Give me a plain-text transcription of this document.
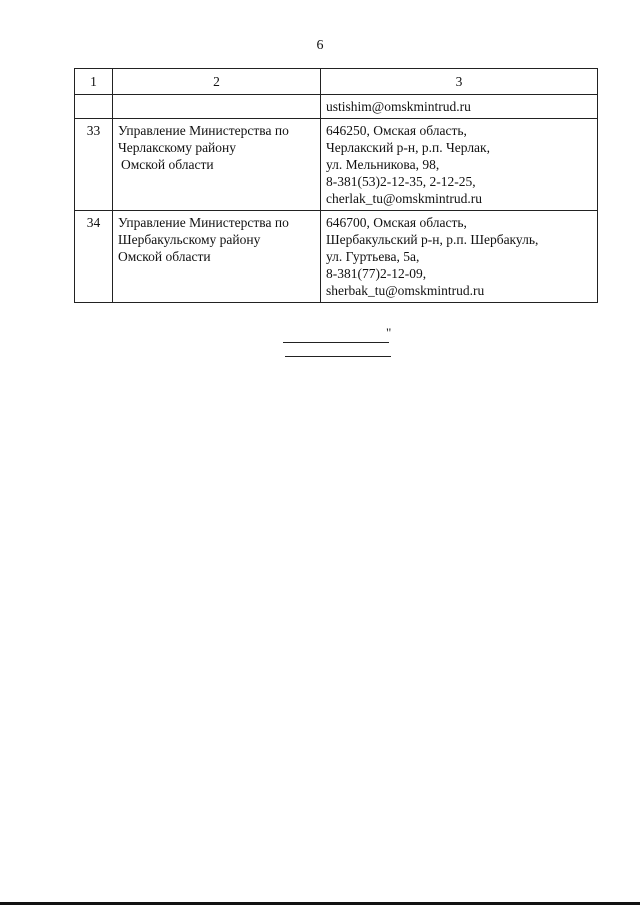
6
1	2	3

		ustishim@omskmintrud.ru

33	Управление Министерства по
Черлакскому району
Омской области	646250, Омская область,
Черлакский р-н, р.п. Черлак,
ул. Мельникова, 98,
8-381(53)2-12-35, 2-12-25,
cherlak_tu@omskmintrud.ru

34	Управление Министерства по
Шербакульскому району
Омской области	646700, Омская область,
Шербакульский р-н, р.п. Шербакуль,
ул. Гуртьева, 5а,
8-381(77)2-12-09,
sherbak_tu@omskmintrud.ru
"
